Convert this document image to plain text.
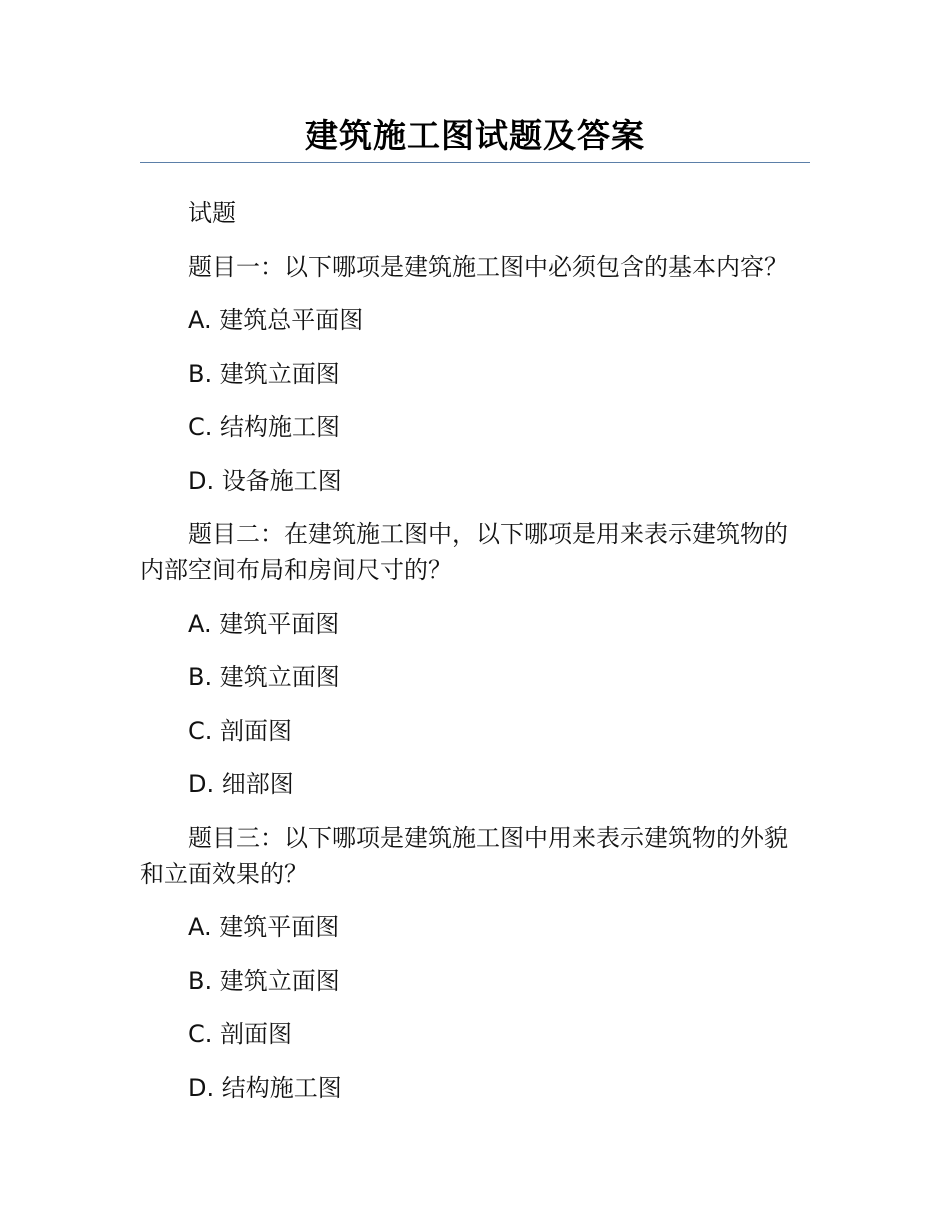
建筑施工图试题及答案

试题

题目一：以下哪项是建筑施工图中必须包含的基本内容？

A. 建筑总平面图

B. 建筑立面图

C. 结构施工图

D. 设备施工图

题目二：在建筑施工图中，以下哪项是用来表示建筑物的内部空间布局和房间尺寸的？

A. 建筑平面图

B. 建筑立面图

C. 剖面图

D. 细部图

题目三：以下哪项是建筑施工图中用来表示建筑物的外貌和立面效果的？

A. 建筑平面图

B. 建筑立面图

C. 剖面图

D. 结构施工图
